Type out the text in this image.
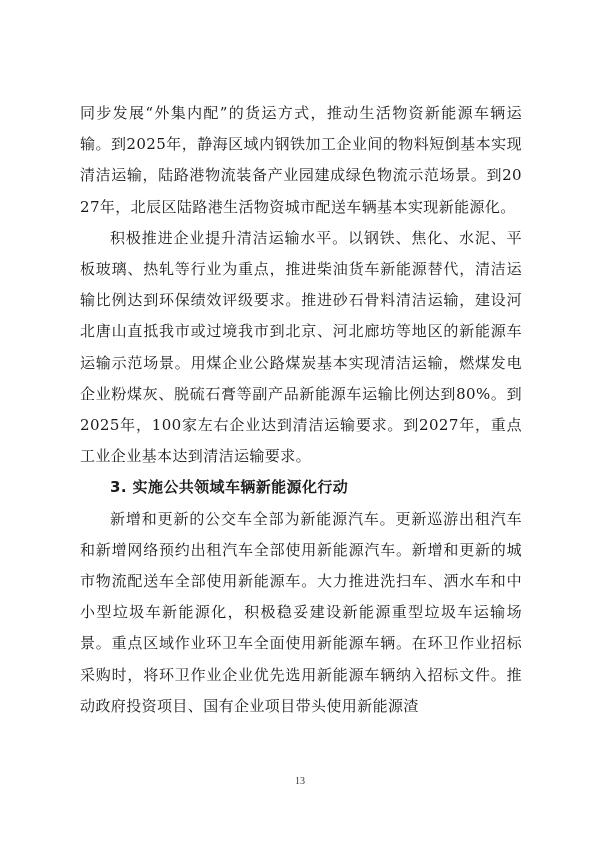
同步发展“外集内配”的货运方式，推动生活物资新能源车辆运输。到2025年，静海区域内钢铁加工企业间的物料短倒基本实现清洁运输，陆路港物流装备产业园建成绿色物流示范场景。到2027年，北辰区陆路港生活物资城市配送车辆基本实现新能源化。

积极推进企业提升清洁运输水平。以钢铁、焦化、水泥、平板玻璃、热轧等行业为重点，推进柴油货车新能源替代，清洁运输比例达到环保绩效评级要求。推进砂石骨料清洁运输，建设河北唐山直抵我市或过境我市到北京、河北廊坊等地区的新能源车运输示范场景。用煤企业公路煤炭基本实现清洁运输，燃煤发电企业粉煤灰、脱硫石膏等副产品新能源车运输比例达到80%。到2025年，100家左右企业达到清洁运输要求。到2027年，重点工业企业基本达到清洁运输要求。

3. 实施公共领域车辆新能源化行动

新增和更新的公交车全部为新能源汽车。更新巡游出租汽车和新增网络预约出租汽车全部使用新能源汽车。新增和更新的城市物流配送车全部使用新能源车。大力推进洗扫车、洒水车和中小型垃圾车新能源化，积极稳妥建设新能源重型垃圾车运输场景。重点区域作业环卫车全面使用新能源车辆。在环卫作业招标采购时，将环卫作业企业优先选用新能源车辆纳入招标文件。推动政府投资项目、国有企业项目带头使用新能源渣

13
